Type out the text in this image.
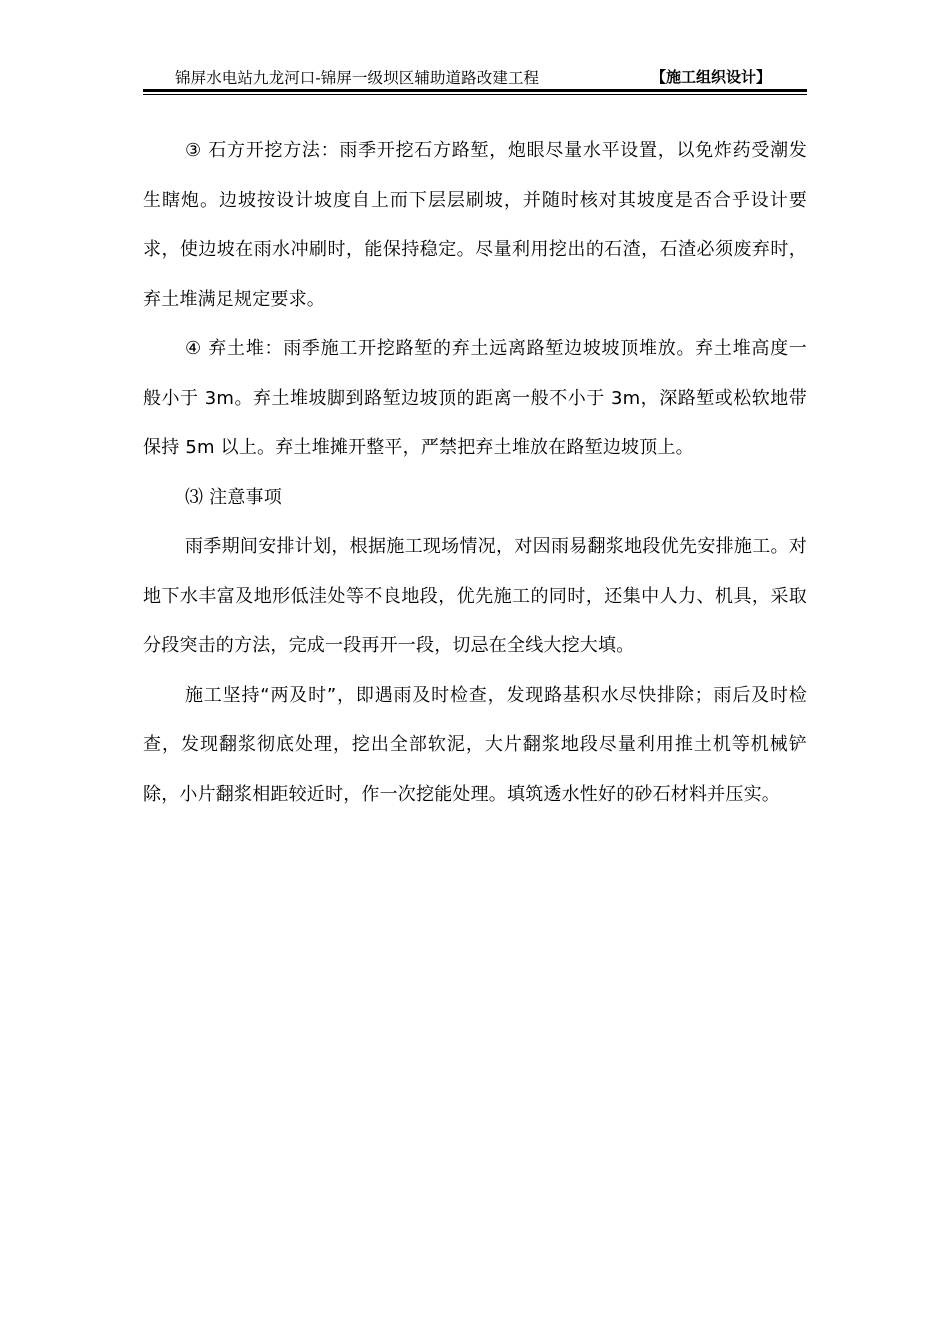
锦屏水电站九龙河口-锦屏一级坝区辅助道路改建工程	【施工组织设计】

③ 石方开挖方法：雨季开挖石方路堑，炮眼尽量水平设置，以免炸药受潮发生瞎炮。边坡按设计坡度自上而下层层刷坡，并随时核对其坡度是否合乎设计要求，使边坡在雨水冲刷时，能保持稳定。尽量利用挖出的石渣，石渣必须废弃时，弃土堆满足规定要求。

④ 弃土堆：雨季施工开挖路堑的弃土远离路堑边坡坡顶堆放。弃土堆高度一般小于 3m。弃土堆坡脚到路堑边坡顶的距离一般不小于 3m，深路堑或松软地带保持 5m 以上。弃土堆摊开整平，严禁把弃土堆放在路堑边坡顶上。

⑶ 注意事项

雨季期间安排计划，根据施工现场情况，对因雨易翻浆地段优先安排施工。对地下水丰富及地形低洼处等不良地段，优先施工的同时，还集中人力、机具，采取分段突击的方法，完成一段再开一段，切忌在全线大挖大填。

施工坚持“两及时”，即遇雨及时检查，发现路基积水尽快排除；雨后及时检查，发现翻浆彻底处理，挖出全部软泥，大片翻浆地段尽量利用推土机等机械铲除，小片翻浆相距较近时，作一次挖能处理。填筑透水性好的砂石材料并压实。
